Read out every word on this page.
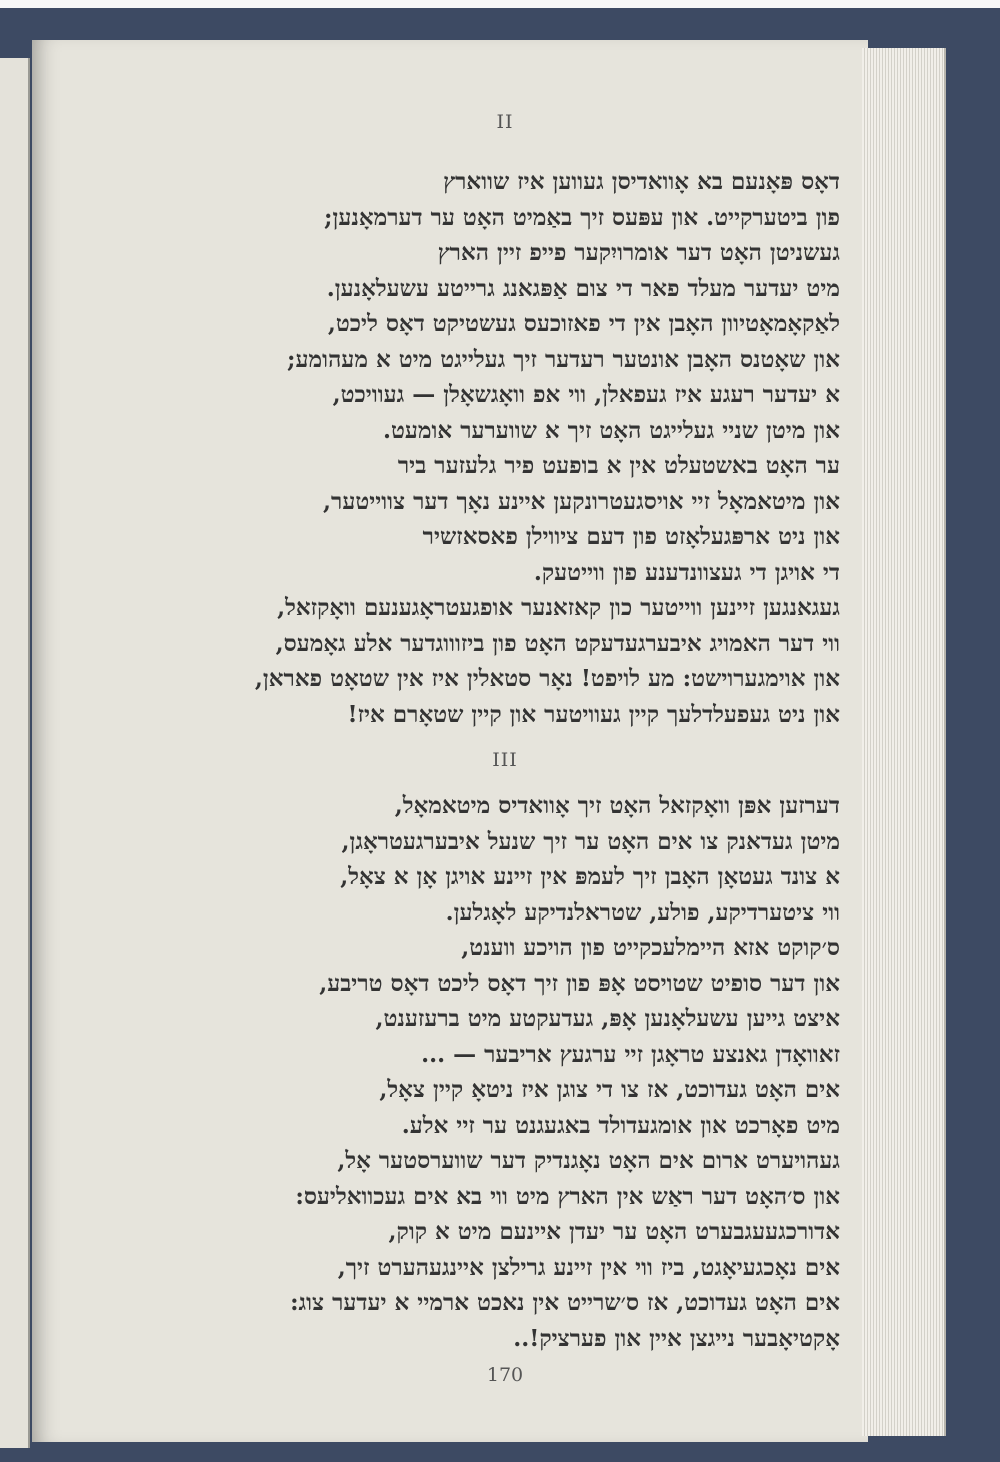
II
דאָס פּאָנעם בא אָוואדיסן געווען איז שווארץ
פון ביטערקייט. און עפּעס זיך באַמיט האָט ער דערמאָנען;
געשניטן האָט דער אומרויִקער פייפ זיין הארץ
מיט יעדער מעלד פאר די צום אַפּגאנג גרייטע עשעלאָנען.
לאַקאָמאָטיוון האָבן אין די פאזוכעס געשטיקט דאָס ליכט,
און שאָטנס האָבן אונטער רעדער זיך געלייגט מיט א מעהומע;
א יעדער רעגע איז געפאלן, ווי אפ וואָגשאָלן — געוויכט,
און מיטן שניי געלייגט האָט זיך א שווערער אומעט.
ער האָט באשטעלט אין א בופעט פיר גלעזער ביר
און מיטאמאָל זיי אויסגעטרונקען איינע נאָך דער צווייטער,
און ניט ארפּגעלאָזט פון דעם ציווילן פאסאזשיר
די אויגן די געצוונדענע פון ווייטעק.
געגאנגען זיינען ווייטער כון קאזאנער אופגעטראָגענעם וואָקזאל,
ווי דער האמויג איבערגעדעקט האָט פון ביזוווגדער אלע גאָמעס,
און אוימגערוישט: מע לויפט! נאָר סטאלין איז אין שטאָט פאראן,
און ניט געפעלדלעך קיין געוויטער און קיין שטאָרם איז!
III
דערזען אפּן וואָקזאל האָט זיך אָוואדיס מיטאמאָל,
מיטן געדאנק צו אים האָט ער זיך שנעל איבערגעטראָגן,
א צונד געטאָן האָבן זיך לעמפּ אין זיינע אויגן אָן א צאָל,
ווי ציטערדיקע, פולע, שטראלנדיקע לאָגלען.
ס׳קוקט אזא היימלעכקייט פון הויכע ווענט,
און דער סופיט שטויסט אָפּ פון זיך דאָס ליכט דאָס טריבע,
איצט גייען עשעלאָנען אָפּ, געדעקטע מיט ברעזענט,
זאוואָדן גאנצע טראָגן זיי ערגעץ אריבער — ...
אים האָט געדוכט, אז צו די צוגן איז ניטאָ קיין צאָל,
מיט פאָרכט און אומגעדולד באגעגנט ער זיי אלע.
געהויערט ארום אים האָט נאָגנדיק דער שווערסטער אָל,
און ס׳האָט דער ראַש אין הארץ מיט ווי בא אים געכוואליעס:
אדורכגעעגבערט האָט ער יעדן איינעם מיט א קוק,
אים נאָכגעיאָגט, ביז ווי אין זיינע גרילצן איינגעהערט זיך,
אים האָט געדוכט, אז ס׳שרייט אין נאכט ארמיי א יעדער צוג:
אָקטיאָבער נייגצן איין און פערציק!..
170
